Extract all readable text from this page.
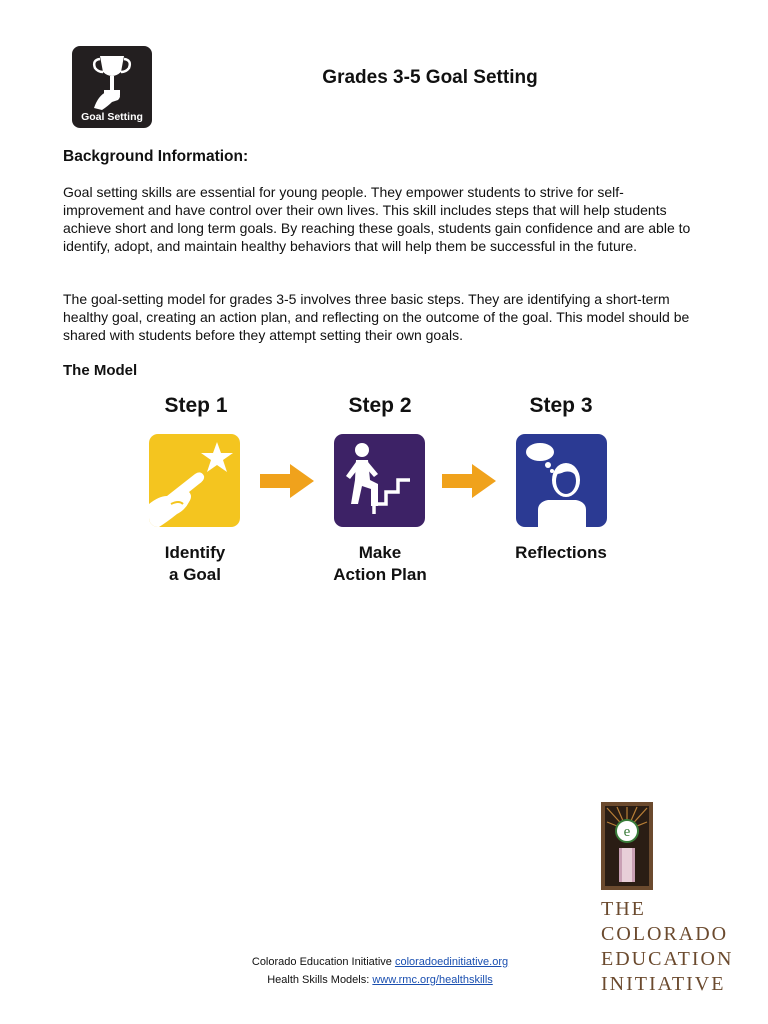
Goal Setting
Grades 3-5 Goal Setting
Background Information:

Goal setting skills are essential for young people. They empower students to strive for self-improvement and have control over their own lives. This skill includes steps that will help students achieve short and long term goals. By reaching these goals, students gain confidence and are able to identify, adopt, and maintain healthy behaviors that will help them be successful in the future.

The goal-setting model for grades 3-5 involves three basic steps. They are identifying a short-term healthy goal, creating an action plan, and reflecting on the outcome of the goal. This model should be shared with students before they attempt setting their own goals.

The Model
Step 1	Step 2	Step 3
Identify
a Goal
Make
Action Plan
Reflections
e
THE
COLORADO
EDUCATION
INITIATIVE
Colorado Education Initiative coloradoedinitiative.org
Health Skills Models: www.rmc.org/healthskills
